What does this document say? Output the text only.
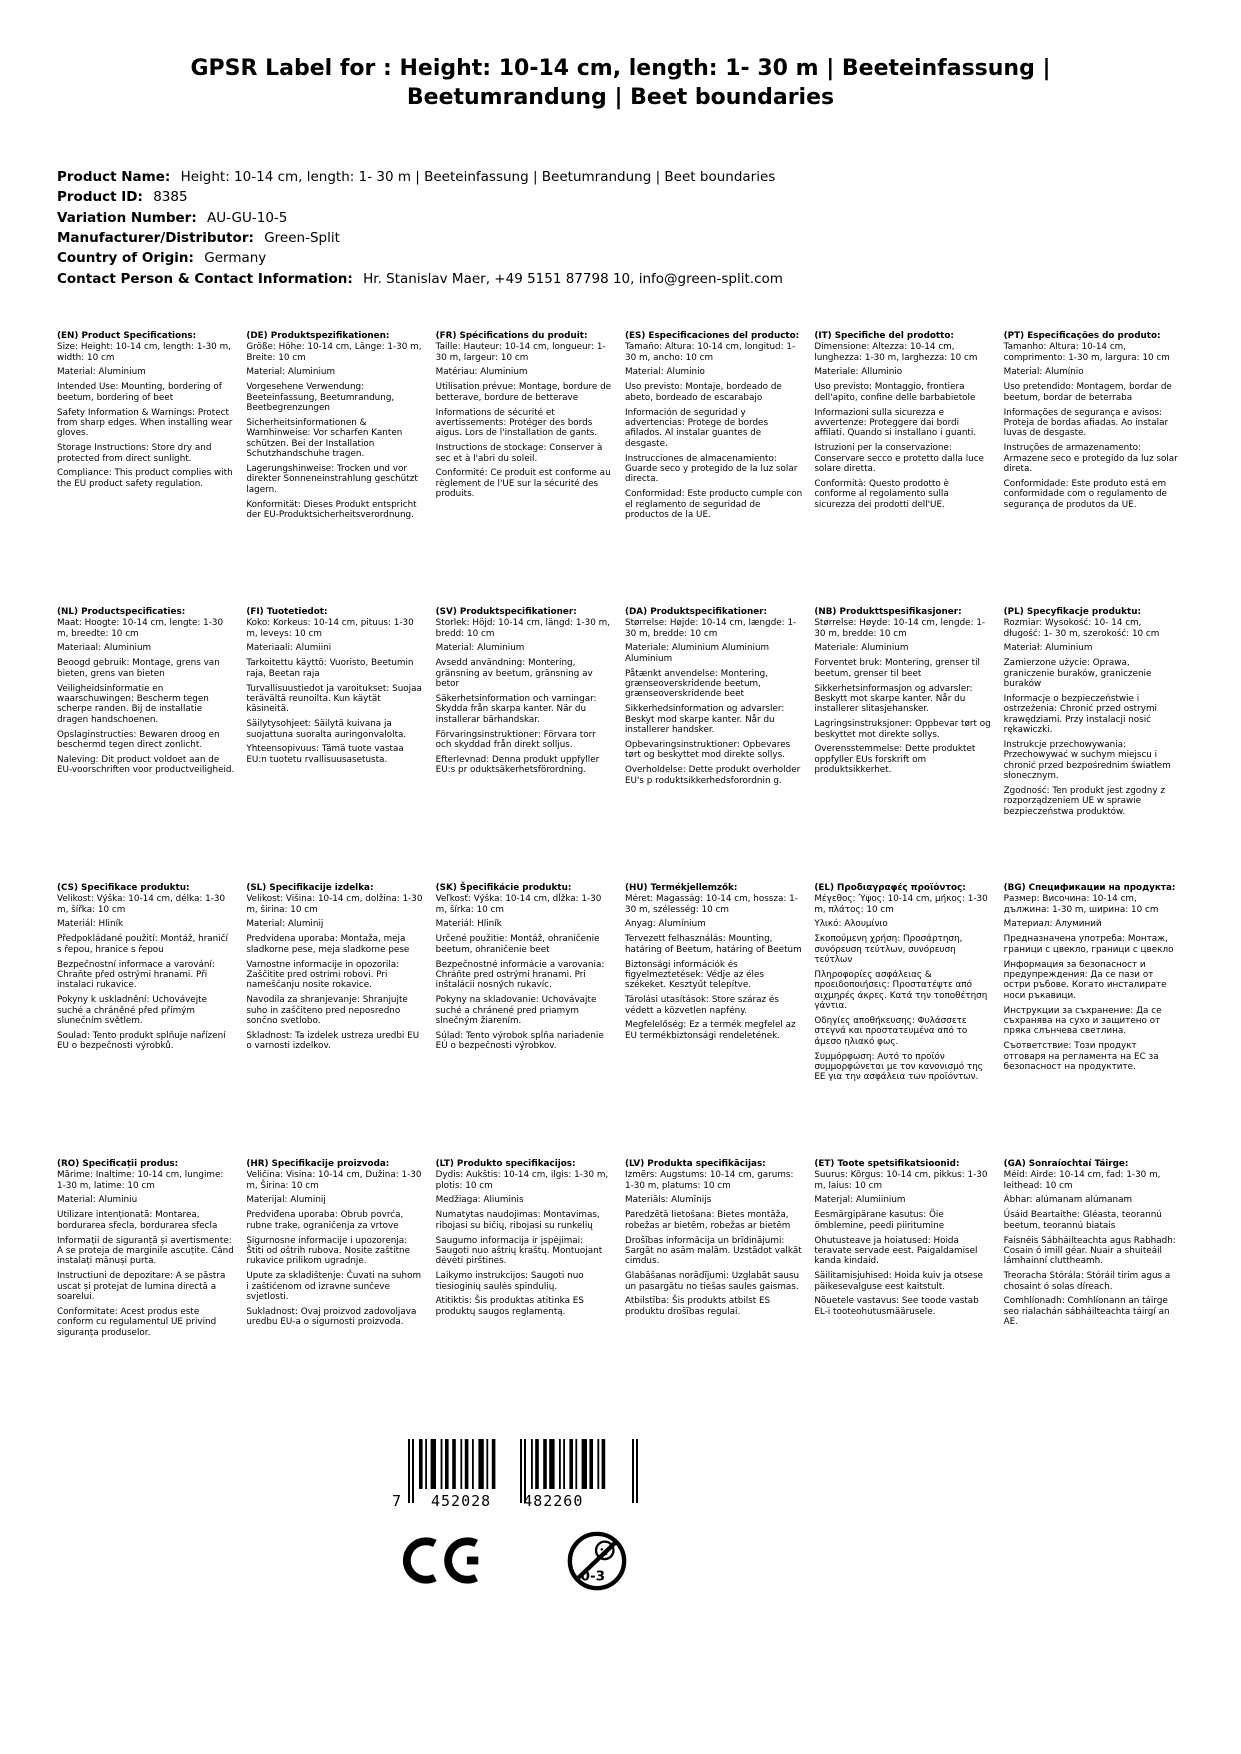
GPSR Label for : Height: 10-14 cm, length: 1- 30 m | Beeteinfassung | Beetumrandung | Beet boundaries
Product Name: Height: 10-14 cm, length: 1- 30 m | Beeteinfassung | Beetumrandung | Beet boundaries
Product ID: 8385
Variation Number: AU-GU-10-5
Manufacturer/Distributor: Green-Split
Country of Origin: Germany
Contact Person & Contact Information: Hr. Stanislav Maer, +49 5151 87798 10, info@green-split.com
(EN) Product Specifications:

Size: Height: 10-14 cm, length: 1-30 m, width: 10 cm

Material: Aluminium

Intended Use: Mounting, bordering of beetum, bordering of beet

Safety Information & Warnings: Protect from sharp edges. When installing wear gloves.

Storage Instructions: Store dry and protected from direct sunlight.

Compliance: This product complies with the EU product safety regulation.

(DE) Produktspezifikationen:

Größe: Höhe: 10-14 cm, Länge: 1-30 m, Breite: 10 cm

Material: Aluminium

Vorgesehene Verwendung: Beeteinfassung, Beetumrandung, Beetbegrenzungen

Sicherheitsinformationen & Warnhinweise: Vor scharfen Kanten schützen. Bei der Installation Schutzhandschuhe tragen.

Lagerungshinweise: Trocken und vor direkter Sonneneinstrahlung geschützt lagern.

Konformität: Dieses Produkt entspricht der EU-Produktsicherheitsverordnung.

(FR) Spécifications du produit:

Taille: Hauteur: 10-14 cm, longueur: 1-30 m, largeur: 10 cm

Matériau: Aluminium

Utilisation prévue: Montage, bordure de betterave, bordure de betterave

Informations de sécurité et avertissements: Protéger des bords aigus. Lors de l'installation de gants.

Instructions de stockage: Conserver à sec et à l'abri du soleil.

Conformité: Ce produit est conforme au règlement de l'UE sur la sécurité des produits.

(ES) Especificaciones del producto:

Tamaño: Altura: 10-14 cm, longitud: 1-30 m, ancho: 10 cm

Material: Aluminio

Uso previsto: Montaje, bordeado de abeto, bordeado de escarabajo

Información de seguridad y advertencias: Protege de bordes afilados. Al instalar guantes de desgaste.

Instrucciones de almacenamiento: Guarde seco y protegido de la luz solar directa.

Conformidad: Este producto cumple con el reglamento de seguridad de productos de la UE.

(IT) Specifiche del prodotto:

Dimensione: Altezza: 10-14 cm, lunghezza: 1-30 m, larghezza: 10 cm

Materiale: Alluminio

Uso previsto: Montaggio, frontiera dell'apito, confine delle barbabietole

Informazioni sulla sicurezza e avvertenze: Proteggere dai bordi affilati. Quando si installano i guanti.

Istruzioni per la conservazione: Conservare secco e protetto dalla luce solare diretta.

Conformità: Questo prodotto è conforme al regolamento sulla sicurezza dei prodotti dell'UE.

(PT) Especificações do produto:

Tamanho: Altura: 10-14 cm, comprimento: 1-30 m, largura: 10 cm

Material: Alumínio

Uso pretendido: Montagem, bordar de beetum, bordar de beterraba

Informações de segurança e avisos: Proteja de bordas afiadas. Ao instalar luvas de desgaste.

Instruções de armazenamento: Armazene seco e protegido da luz solar direta.

Conformidade: Este produto está em conformidade com o regulamento de segurança de produtos da UE.

(NL) Productspecificaties:

Maat: Hoogte: 10-14 cm, lengte: 1-30 m, breedte: 10 cm

Materiaal: Aluminium

Beoogd gebruik: Montage, grens van bieten, grens van bieten

Veiligheidsinformatie en waarschuwingen: Bescherm tegen scherpe randen. Bij de installatie dragen handschoenen.

Opslaginstructies: Bewaren droog en beschermd tegen direct zonlicht.

Naleving: Dit product voldoet aan de EU-voorschriften voor productveiligheid.

(FI) Tuotetiedot:

Koko: Korkeus: 10-14 cm, pituus: 1-30 m, leveys: 10 cm

Materiaali: Alumiini

Tarkoitettu käyttö: Vuoristo, Beetumin raja, Beetan raja

Turvallisuustiedot ja varoitukset: Suojaa terävältä reunoilta. Kun käytät käsineitä.

Säilytysohjeet: Säilytä kuivana ja suojattuna suoralta auringonvalolta.

Yhteensopivuus: Tämä tuote vastaa EU:n tuotetu rvallisuusasetusta.

(SV) Produktspecifikationer:

Storlek: Höjd: 10-14 cm, längd: 1-30 m, bredd: 10 cm

Material: Aluminium

Avsedd användning: Montering, gränsning av beetum, gränsning av betor

Säkerhetsinformation och varningar: Skydda från skarpa kanter. När du installerar bärhandskar.

Förvaringsinstruktioner: Förvara torr och skyddad från direkt solljus.

Efterlevnad: Denna produkt uppfyller EU:s pr oduktsäkerhetsförordning.

(DA) Produktspecifikationer:

Størrelse: Højde: 10-14 cm, længde: 1-30 m, bredde: 10 cm

Materiale: Aluminium Aluminium Aluminium

Påtænkt anvendelse: Montering, grænseoverskridende beetum, grænseoverskridende beet

Sikkerhedsinformation og advarsler: Beskyt mod skarpe kanter. Når du installerer handsker.

Opbevaringsinstruktioner: Opbevares tørt og beskyttet mod direkte sollys.

Overholdelse: Dette produkt overholder EU's p roduktsikkerhedsforordnin g.

(NB) Produkttspesifikasjoner:

Størrelse: Høyde: 10-14 cm, lengde: 1-30 m, bredde: 10 cm

Materiale: Aluminium

Forventet bruk: Montering, grenser til beetum, grenser til beet

Sikkerhetsinformasjon og advarsler: Beskytt mot skarpe kanter. Når du installerer slitasjehansker.

Lagringsinstruksjoner: Oppbevar tørt og beskyttet mot direkte sollys.

Overensstemmelse: Dette produktet oppfyller EUs forskrift om produktsikkerhet.

(PL) Specyfikacje produktu:

Rozmiar: Wysokość: 10- 14 cm, długość: 1- 30 m, szerokość: 10 cm

Materiał: Aluminium

Zamierzone użycie: Oprawa, graniczenie buraków, graniczenie buraków

Informacje o bezpieczeństwie i ostrzeżenia: Chronić przed ostrymi krawędziami. Przy instalacji nosić rękawiczki.

Instrukcje przechowywania: Przechowywać w suchym miejscu i chronić przed bezpośrednim światłem słonecznym.

Zgodność: Ten produkt jest zgodny z rozporządzeniem UE w sprawie bezpieczeństwa produktów.

(CS) Specifikace produktu:

Velikost: Výška: 10-14 cm, délka: 1-30 m, šířka: 10 cm

Materiál: Hliník

Předpokládané použití: Montáž, hraničí s řepou, hranice s řepou

Bezpečnostní informace a varování: Chraňte před ostrými hranami. Při instalaci rukavice.

Pokyny k uskladnění: Uchovávejte suché a chráněné před přímým slunečním světlem.

Soulad: Tento produkt splňuje nařízení EU o bezpečnosti výrobků.

(SL) Specifikacije izdelka:

Velikost: Višina: 10-14 cm, dolžina: 1-30 m, širina: 10 cm

Material: Aluminij

Predvidena uporaba: Montaža, meja sladkorne pese, meja sladkorne pese

Varnostne informacije in opozorila: Zaščitite pred ostrimi robovi. Pri nameščanju nosite rokavice.

Navodila za shranjevanje: Shranjujte suho in zaščiteno pred neposredno sončno svetlobo.

Skladnost: Ta izdelek ustreza uredbi EU o varnosti izdelkov.

(SK) Špecifikácie produktu:

Veľkosť: Výška: 10-14 cm, dĺžka: 1-30 m, šírka: 10 cm

Materiál: Hliník

Určené použitie: Montáž, ohraničenie beetum, ohraničenie beet

Bezpečnostné informácie a varovania: Chráňte pred ostrými hranami. Pri inštalácii nosných rukavíc.

Pokyny na skladovanie: Uchovávajte suché a chránené pred priamym slnečným žiarením.

Súlad: Tento výrobok spĺňa nariadenie EÚ o bezpečnosti výrobkov.

(HU) Termékjellemzők:

Méret: Magasság: 10-14 cm, hossza: 1-30 m, szélesség: 10 cm

Anyag: Alumínium

Tervezett felhasználás: Mounting, határing of Beetum, határing of Beetum

Biztonsági információk és figyelmeztetések: Védje az éles székeket. Kesztyűt telepítve.

Tárolási utasítások: Store száraz és védett a közvetlen napfény.

Megfelelőség: Ez a termék megfelel az EU termékbiztonsági rendeletének.

(EL) Προδιαγραφές προϊόντος:

Μέγεθος: Ύψος: 10-14 cm, μήκος: 1-30 m, πλάτος: 10 cm

Υλικό: Αλουμίνιο

Σκοπούμενη χρήση: Προσάρτηση, συνόρευση τεύτλων, συνόρευση τεύτλων

Πληροφορίες ασφάλειας & προειδοποιήσεις: Προστατέψτε από αιχμηρές άκρες. Κατά την τοποθέτηση γάντια.

Οδηγίες αποθήκευσης: Φυλάσσετε στεγνά και προστατευμένα από το άμεσο ηλιακό φως.

Συμμόρφωση: Αυτό το προϊόν συμμορφώνεται με τον κανονισμό της ΕΕ για την ασφάλεια των προϊόντων.

(BG) Спецификации на продукта:

Размер: Височина: 10-14 cm, дължина: 1-30 m, ширина: 10 cm

Материал: Алуминий

Предназначена употреба: Монтаж, граници с цвекло, граници с цвекло

Информация за безопасност и предупреждения: Да се пази от остри ръбове. Когато инсталирате носи ръкавици.

Инструкции за съхранение: Да се съхранява на сухо и защитено от пряка слънчева светлина.

Съответствие: Този продукт отговаря на регламента на ЕС за безопасност на продуктите.

(RO) Specificații produs:

Mărime: Inaltime: 10-14 cm, lungime: 1-30 m, latime: 10 cm

Material: Aluminiu

Utilizare intenționată: Montarea, bordurarea sfecla, bordurarea sfecla

Informații de siguranță și avertismente: A se proteja de marginile ascuțite. Când instalați mănuși purta.

Instructiuni de depozitare: A se păstra uscat și protejat de lumina directă a soarelui.

Conformitate: Acest produs este conform cu regulamentul UE privind siguranța produselor.

(HR) Specifikacije proizvoda:

Veličina: Visina: 10-14 cm, Dužina: 1-30 m, Širina: 10 cm

Materijal: Aluminij

Predviđena uporaba: Obrub povrća, rubne trake, ograničenja za vrtove

Sigurnosne informacije i upozorenja: Štiti od oštrih rubova. Nosite zaštitne rukavice prilikom ugradnje.

Upute za skladištenje: Čuvati na suhom i zaštićenom od izravne sunčeve svjetlosti.

Sukladnost: Ovaj proizvod zadovoljava uredbu EU-a o sigurnosti proizvoda.

(LT) Produkto specifikacijos:

Dydis: Aukštis: 10-14 cm, ilgis: 1-30 m, plotis: 10 cm

Medžiaga: Aliuminis

Numatytas naudojimas: Montavimas, ribojasi su bičių, ribojasi su runkelių

Saugumo informacija ir įspėjimai: Saugoti nuo aštrių kraštų. Montuojant dėvėti pirštines.

Laikymo instrukcijos: Saugoti nuo tiesioginių saulės spindulių.

Atitiktis: Šis produktas atitinka ES produktų saugos reglamentą.

(LV) Produkta specifikācijas:

Izmērs: Augstums: 10-14 cm, garums: 1-30 m, platums: 10 cm

Materiāls: Alumīnijs

Paredzētā lietošana: Bietes montāža, robežas ar bietēm, robežas ar bietēm

Drošības informācija un brīdinājumi: Sargāt no asām malām. Uzstādot valkāt cimdus.

Glabāšanas norādījumi: Uzglabāt sausu un pasargātu no tiešas saules gaismas.

Atbilstība: Šis produkts atbilst ES produktu drošības regulai.

(ET) Toote spetsifikatsioonid:

Suurus: Kõrgus: 10-14 cm, pikkus: 1-30 m, laius: 10 cm

Materjal: Alumiinium

Eesmärgipärane kasutus: Öie ömblemine, peedi piiritumine

Ohutusteave ja hoiatused: Hoida teravate servade eest. Paigaldamisel kanda kindaid.

Säilitamisjuhised: Hoida kuiv ja otsese päikesevalguse eest kaitstult.

Nõuetele vastavus: See toode vastab EL-i tooteohutusmäärusele.

(GA) Sonraíochtaí Táirge:

Méid: Airde: 10-14 cm, fad: 1-30 m, leithead: 10 cm

Ábhar: alúmanam alúmanam

Úsáid Beartaithe: Gléasta, teorannú beetum, teorannú biatais

Faisnéis Sábháilteachta agus Rabhadh: Cosain ó imill géar. Nuair a shuiteáil lámhainní cluttheamh.

Treoracha Stórála: Stóráil tirim agus a chosaint ó solas díreach.

Comhlíonadh: Comhlíonann an táirge seo rialachán sábháilteachta táirgí an AE.

7 452028 482260
0-3
